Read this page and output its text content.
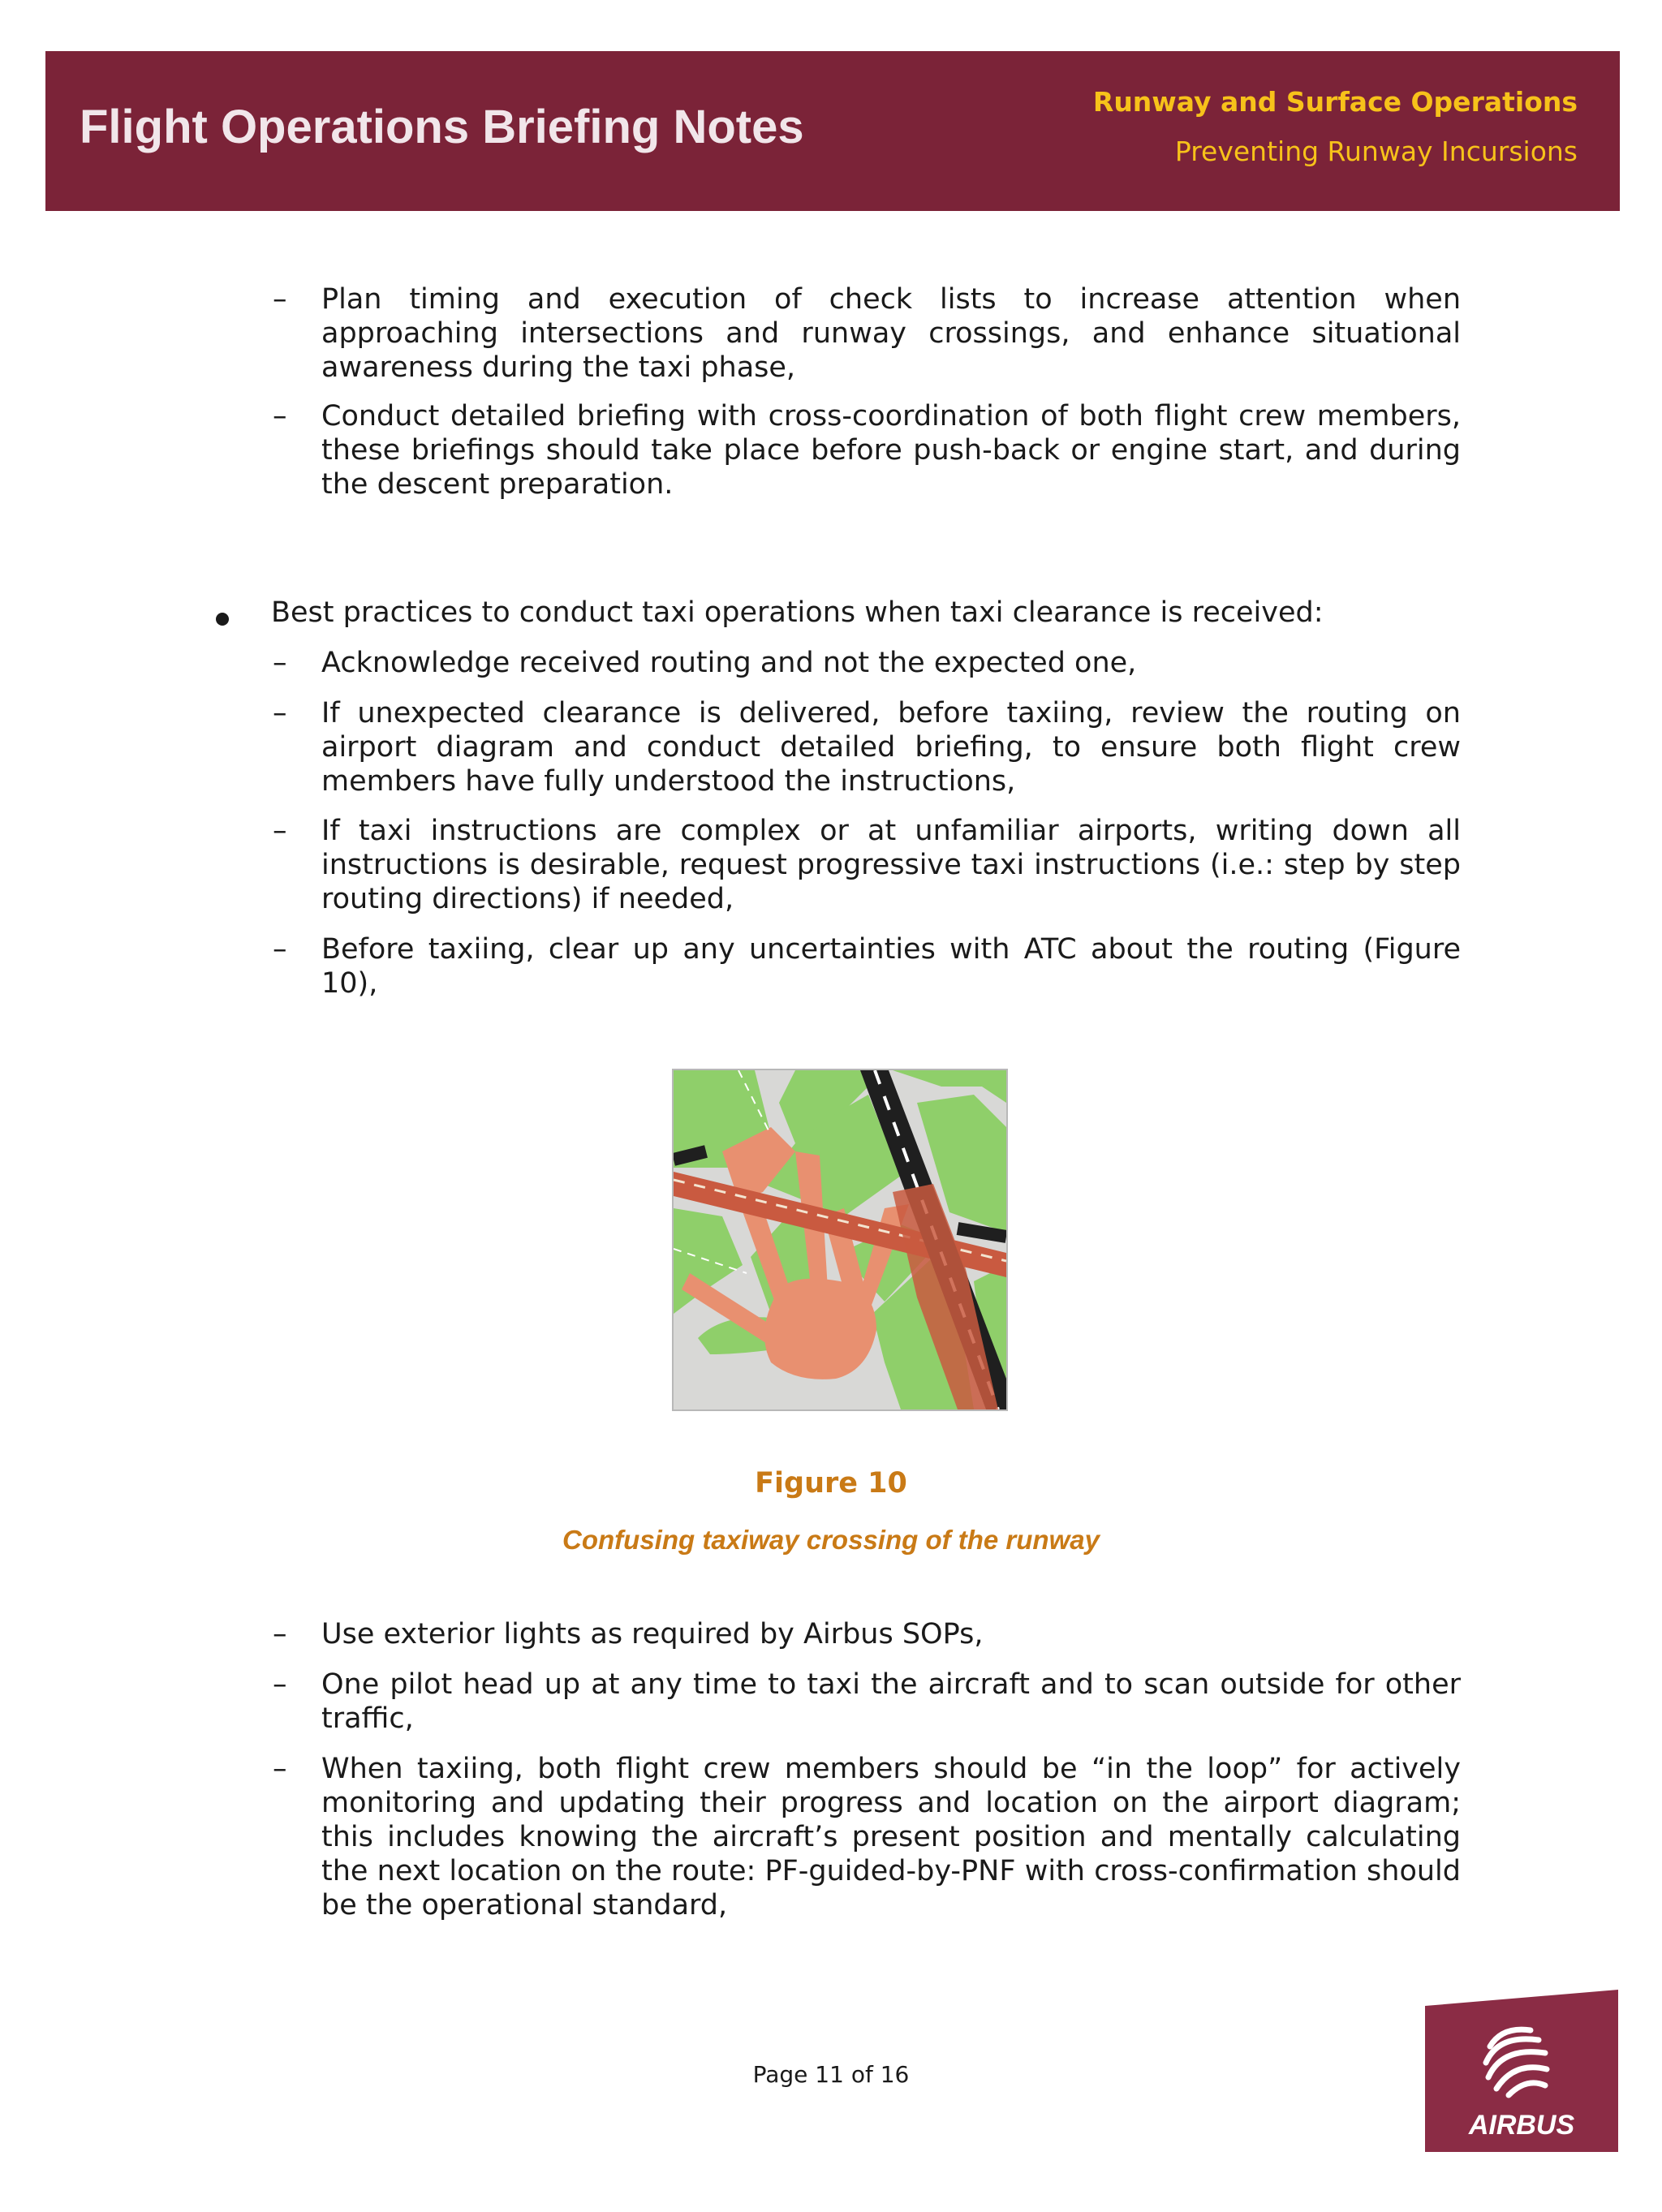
Flight Operations Briefing Notes	Runway and Surface Operations
Preventing Runway Incursions
– Plan timing and execution of check lists to increase attention when approaching intersections and runway crossings, and enhance situational awareness during the taxi phase,
– Conduct detailed briefing with cross-coordination of both flight crew members, these briefings should take place before push-back or engine start, and during the descent preparation.
Best practices to conduct taxi operations when taxi clearance is received:
– Acknowledge received routing and not the expected one,
– If unexpected clearance is delivered, before taxiing, review the routing on airport diagram and conduct detailed briefing, to ensure both flight crew members have fully understood the instructions,
– If taxi instructions are complex or at unfamiliar airports, writing down all instructions is desirable, request progressive taxi instructions (i.e.: step by step routing directions) if needed,
– Before taxiing, clear up any uncertainties with ATC about the routing (Figure 10),
Figure 10
Confusing taxiway crossing of the runway
– Use exterior lights as required by Airbus SOPs,
– One pilot head up at any time to taxi the aircraft and to scan outside for other traffic,
– When taxiing, both flight crew members should be “in the loop” for actively monitoring and updating their progress and location on the airport diagram; this includes knowing the aircraft’s present position and mentally calculating the next location on the route: PF-guided-by-PNF with cross-confirmation should be the operational standard,
Page 11 of 16
AIRBUS
